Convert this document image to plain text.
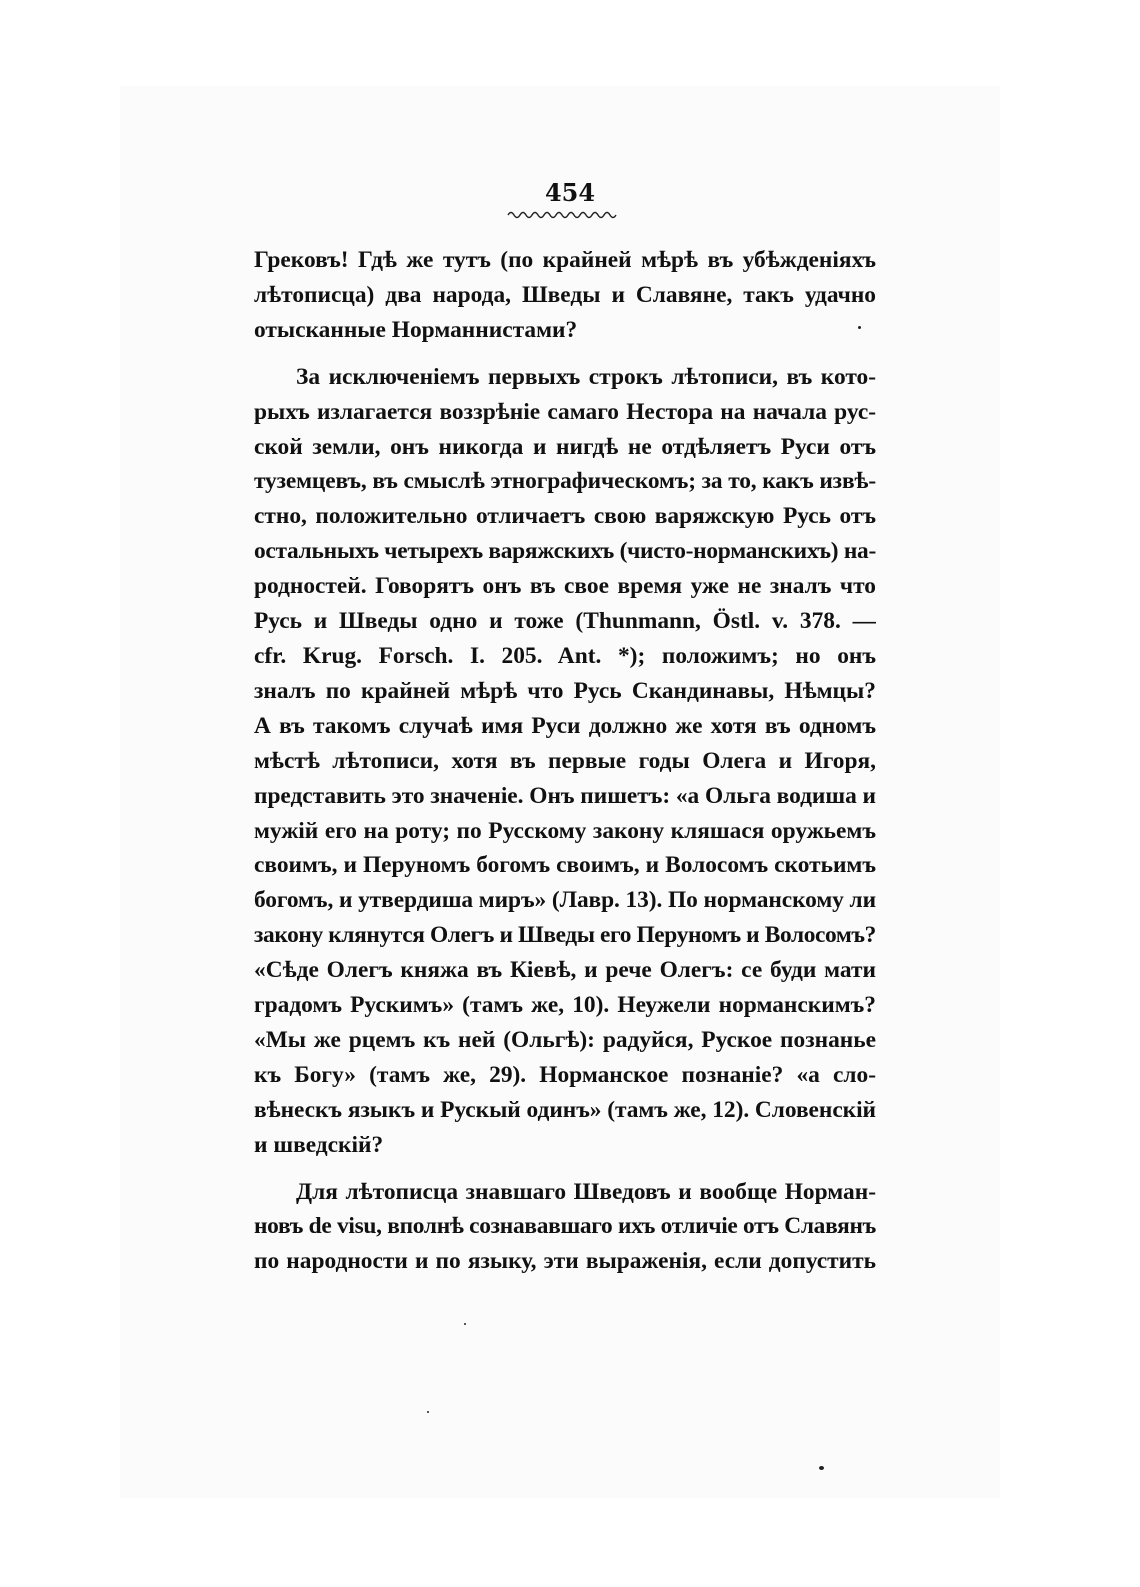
454
Грековъ! Гдѣ же тутъ (по крайней мѣрѣ въ убѣжденіяхъ
лѣтописца) два народа, Шведы и Славяне, такъ удачно
отысканные Норманнистами?
За исключеніемъ первыхъ строкъ лѣтописи, въ кото-
рыхъ излагается воззрѣніе самаго Нестора на начала рус-
ской земли, онъ никогда и нигдѣ не отдѣляетъ Руси отъ
туземцевъ, въ смыслѣ этнографическомъ; за то, какъ извѣ-
стно, положительно отличаетъ свою варяжскую Русь отъ
остальныхъ четырехъ варяжскихъ (чисто-норманскихъ) на-
родностей. Говорятъ онъ въ свое время уже не зналъ что
Русь и Шведы одно и тоже (Thunmann, Östl. v. 378. —
cfr. Krug. Forsch. I. 205. Ant. *); положимъ; но онъ
зналъ по крайней мѣрѣ что Русь Скандинавы, Нѣмцы?
А въ такомъ случаѣ имя Руси должно же хотя въ одномъ
мѣстѣ лѣтописи, хотя въ первые годы Олега и Игоря,
представить это значеніе. Онъ пишетъ: «а Ольга водиша и
мужій его на роту; по Русскому закону кляшася оружьемъ
своимъ, и Перуномъ богомъ своимъ, и Волосомъ скотьимъ
богомъ, и утвердиша миръ» (Лавр. 13). По норманскому ли
закону клянутся Олегъ и Шведы его Перуномъ и Волосомъ?
«Сѣде Олегъ княжа въ Кіевѣ, и рече Олегъ: се буди мати
градомъ Рускимъ» (тамъ же, 10). Неужели норманскимъ?
«Мы же рцемъ къ ней (Ольгѣ): радуйся, Руское познанье
къ Богу» (тамъ же, 29). Норманское познаніе? «а сло-
вѣнескъ языкъ и Рускый одинъ» (тамъ же, 12). Словенскій
и шведскій?
Для лѣтописца знавшаго Шведовъ и вообще Норман-
новъ de visu, вполнѣ сознававшаго ихъ отличіе отъ Славянъ
по народности и по языку, эти выраженія, если допустить
